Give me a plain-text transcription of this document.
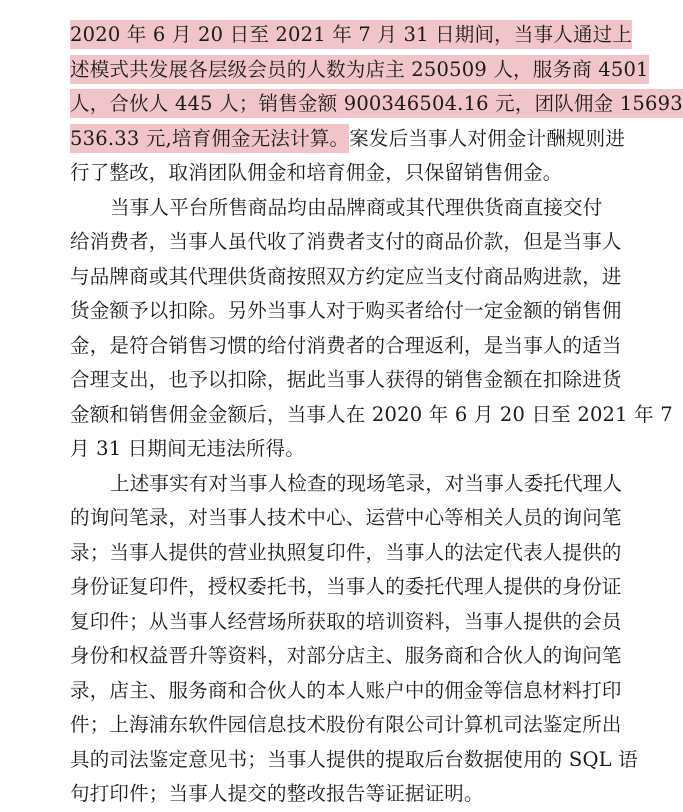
2020 年 6 月 20 日至 2021 年 7 月 31 日期间，当事人通过上
述模式共发展各层级会员的人数为店主 250509 人，服务商 4501
人，合伙人 445 人；销售金额 900346504.16 元，团队佣金 15693
536.33 元,培育佣金无法计算。案发后当事人对佣金计酬规则进
行了整改，取消团队佣金和培育佣金，只保留销售佣金。
当事人平台所售商品均由品牌商或其代理供货商直接交付
给消费者，当事人虽代收了消费者支付的商品价款，但是当事人
与品牌商或其代理供货商按照双方约定应当支付商品购进款，进
货金额予以扣除。另外当事人对于购买者给付一定金额的销售佣
金，是符合销售习惯的给付消费者的合理返利，是当事人的适当
合理支出，也予以扣除，据此当事人获得的销售金额在扣除进货
金额和销售佣金金额后，当事人在 2020 年 6 月 20 日至 2021 年 7
月 31 日期间无违法所得。
上述事实有对当事人检查的现场笔录，对当事人委托代理人
的询问笔录，对当事人技术中心、运营中心等相关人员的询问笔
录；当事人提供的营业执照复印件，当事人的法定代表人提供的
身份证复印件，授权委托书，当事人的委托代理人提供的身份证
复印件；从当事人经营场所获取的培训资料，当事人提供的会员
身份和权益晋升等资料，对部分店主、服务商和合伙人的询问笔
录，店主、服务商和合伙人的本人账户中的佣金等信息材料打印
件；上海浦东软件园信息技术股份有限公司计算机司法鉴定所出
具的司法鉴定意见书；当事人提供的提取后台数据使用的 SQL 语
句打印件；当事人提交的整改报告等证据证明。
